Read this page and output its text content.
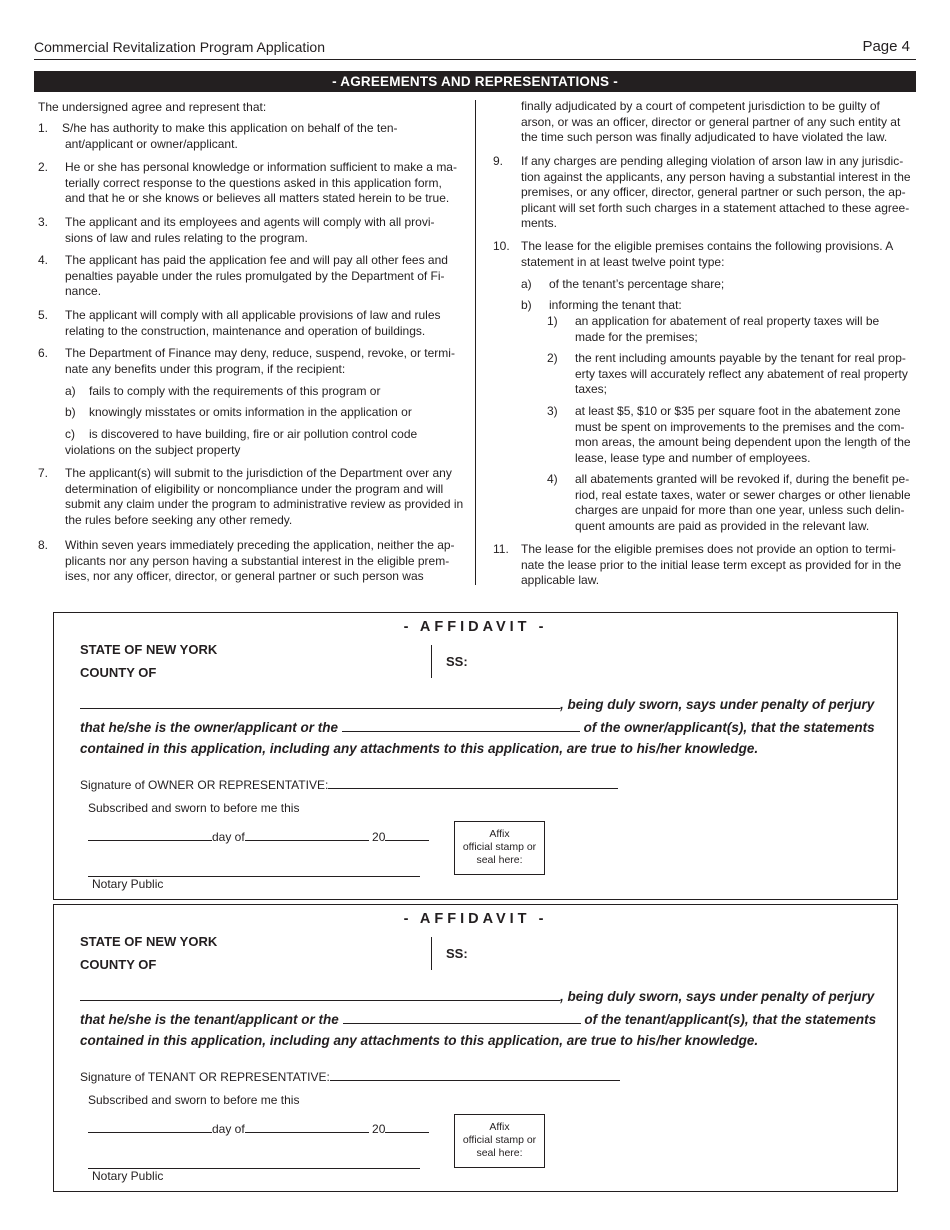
Commercial Revitalization Program Application	Page 4
- AGREEMENTS AND REPRESENTATIONS -
The undersigned agree and represent that:
1. S/he has authority to make this application on behalf of the ten-
ant/applicant or owner/applicant.
2. He or she has personal knowledge or information sufficient to make a ma-
terially correct response to the questions asked in this application form,
and that he or she knows or believes all matters stated herein to be true.
3. The applicant and its employees and agents will comply with all provi-
sions of law and rules relating to the program.
4. The applicant has paid the application fee and will pay all other fees and
penalties payable under the rules promulgated by the Department of Fi-
nance.
5. The applicant will comply with all applicable provisions of law and rules
relating to the construction, maintenance and operation of buildings.
6. The Department of Finance may deny, reduce, suspend, revoke, or termi-
nate any benefits under this program, if the recipient:
a) fails to comply with the requirements of this program or
b) knowingly misstates or omits information in the application or
c) is discovered to have building, fire or air pollution control code
violations on the subject property
7. The applicant(s) will submit to the jurisdiction of the Department over any
determination of eligibility or noncompliance under the program and will
submit any claim under the program to administrative review as provided in
the rules before seeking any other remedy.
8. Within seven years immediately preceding the application, neither the ap-
plicants nor any person having a substantial interest in the eligible prem-
ises, nor any officer, director, or general partner or such person was
finally adjudicated by a court of competent jurisdiction to be guilty of
arson, or was an officer, director or general partner of any such entity at
the time such person was finally adjudicated to have violated the law.
9. If any charges are pending alleging violation of arson law in any jurisdic-
tion against the applicants, any person having a substantial interest in the
premises, or any officer, director, general partner or such person, the ap-
plicant will set forth such charges in a statement attached to these agree-
ments.
10. The lease for the eligible premises contains the following provisions. A
statement in at least twelve point type:
a) of the tenant’s percentage share;
b) informing the tenant that:
1) an application for abatement of real property taxes will be
made for the premises;
2) the rent including amounts payable by the tenant for real prop-
erty taxes will accurately reflect any abatement of real property
taxes;
3) at least $5, $10 or $35 per square foot in the abatement zone
must be spent on improvements to the premises and the com-
mon areas, the amount being dependent upon the length of the
lease, lease type and number of employees.
4) all abatements granted will be revoked if, during the benefit pe-
riod, real estate taxes, water or sewer charges or other lienable
charges are unpaid for more than one year, unless such delin-
quent amounts are paid as provided in the relevant law.
11. The lease for the eligible premises does not provide an option to termi-
nate the lease prior to the initial lease term except as provided for in the
applicable law.
- AFFIDAVIT -
STATE OF NEW YORK
COUNTY OF
SS:
, being duly sworn, says under penalty of perjury
that he/she is the owner/applicant or the	of the owner/applicant(s), that the statements
contained in this application, including any attachments to this application, are true to his/her knowledge.
Signature of OWNER OR REPRESENTATIVE:
Subscribed and sworn to before me this
day of	20	Affix
official stamp or
seal here:
Notary Public
- AFFIDAVIT -
STATE OF NEW YORK
COUNTY OF
SS:
, being duly sworn, says under penalty of perjury
that he/she is the tenant/applicant or the	of the tenant/applicant(s), that the statements
contained in this application, including any attachments to this application, are true to his/her knowledge.
Signature of TENANT OR REPRESENTATIVE:
Subscribed and sworn to before me this
day of	20	Affix
official stamp or
seal here:
Notary Public
